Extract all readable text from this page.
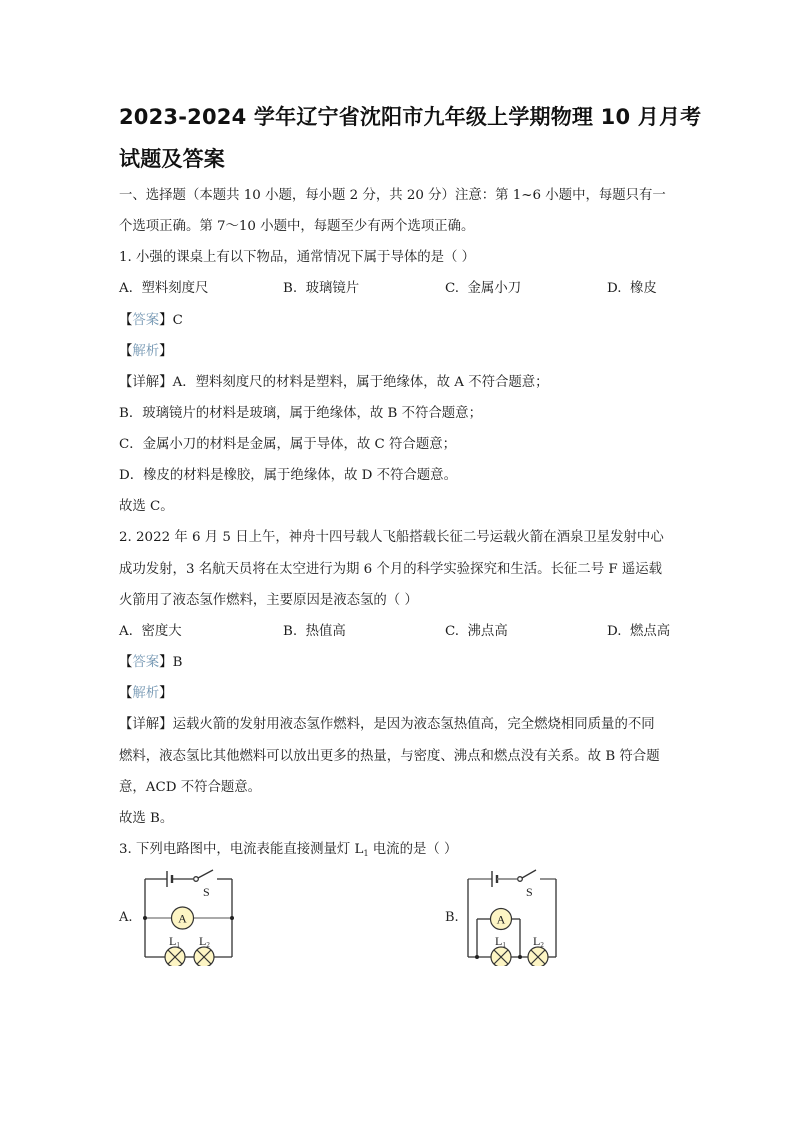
2023-2024 学年辽宁省沈阳市九年级上学期物理 10 月月考
试题及答案
一、选择题（本题共 10 小题，每小题 2 分，共 20 分）注意：第 1~6 小题中，每题只有一
个选项正确。第 7～10 小题中，每题至少有两个选项正确。
1. 小强的课桌上有以下物品，通常情况下属于导体的是（ ）
A. 塑料刻度尺	B. 玻璃镜片	C. 金属小刀	D. 橡皮
【答案】C
【解析】
【详解】A．塑料刻度尺的材料是塑料，属于绝缘体，故 A 不符合题意；
B．玻璃镜片的材料是玻璃，属于绝缘体，故 B 不符合题意；
C．金属小刀的材料是金属，属于导体，故 C 符合题意；
D．橡皮的材料是橡胶，属于绝缘体，故 D 不符合题意。
故选 C。
2. 2022 年 6 月 5 日上午，神舟十四号载人飞船搭载长征二号运载火箭在酒泉卫星发射中心
成功发射，3 名航天员将在太空进行为期 6 个月的科学实验探究和生活。长征二号 F 遥运载
火箭用了液态氢作燃料，主要原因是液态氢的（ ）
A. 密度大	B. 热值高	C. 沸点高	D. 燃点高
【答案】B
【解析】
【详解】运载火箭的发射用液态氢作燃料，是因为液态氢热值高，完全燃烧相同质量的不同
燃料，液态氢比其他燃料可以放出更多的热量，与密度、沸点和燃点没有关系。故 B 符合题
意，ACD 不符合题意。
故选 B。
3. 下列电路图中，电流表能直接测量灯 $L_1$ 电流的是（ ）
A.	A
S
L1 L2
B.	A
S
L1 L2
